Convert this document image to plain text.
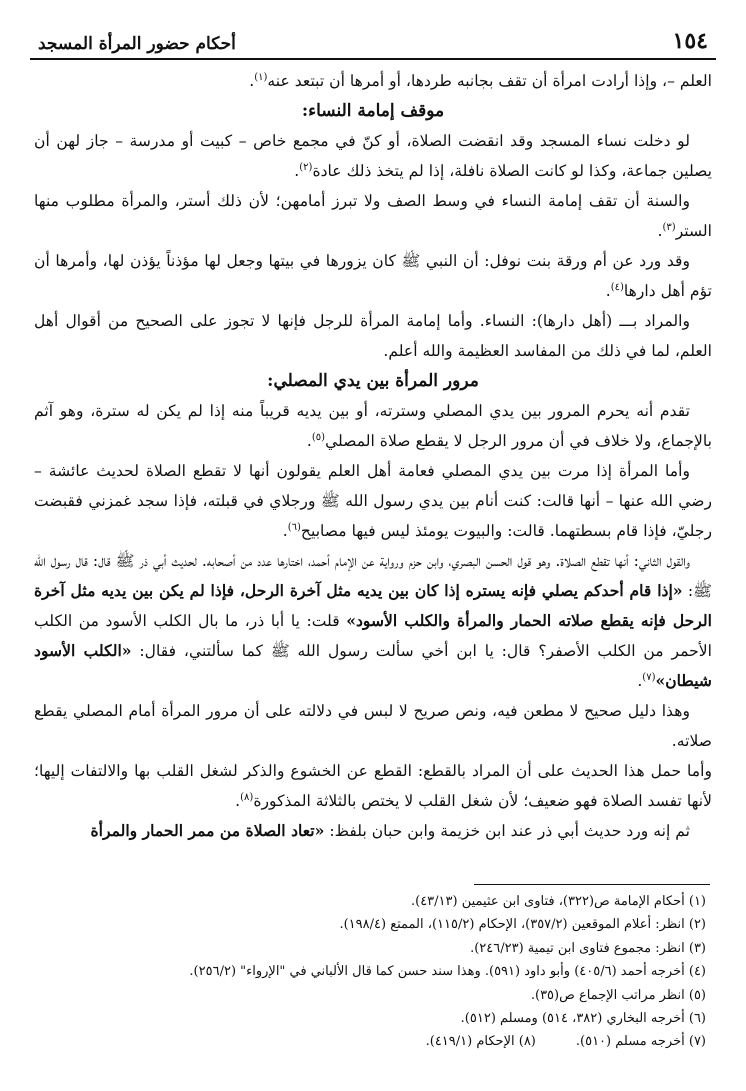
١٥٤
أحكام حضور المرأة المسجد

العلم –، وإذا أرادت امرأة أن تقف بجانبه طردها، أو أمرها أن تبتعد عنه$^{(١)}$.

موقف إمامة النساء:

لو دخلت نساء المسجد وقد انقضت الصلاة، أو كنّ في مجمع خاص – كبيت أو مدرسة – جاز لهن أن يصلين جماعة، وكذا لو كانت الصلاة نافلة، إذا لم يتخذ ذلك عادة$^{(٢)}$.

والسنة أن تقف إمامة النساء في وسط الصف ولا تبرز أمامهن؛ لأن ذلك أستر، والمرأة مطلوب منها الستر$^{(٣)}$.

وقد ورد عن أم ورقة بنت نوفل: أن النبي ﷺ كان يزورها في بيتها وجعل لها مؤذناً يؤذن لها، وأمرها أن تؤم أهل دارها$^{(٤)}$.

والمراد بـــ (أهل دارها): النساء. وأما إمامة المرأة للرجل فإنها لا تجوز على الصحيح من أقوال أهل العلم، لما في ذلك من المفاسد العظيمة والله أعلم.

مرور المرأة بين يدي المصلي:

تقدم أنه يحرم المرور بين يدي المصلي وسترته، أو بين يديه قريباً منه إذا لم يكن له سترة، وهو آثم بالإجماع، ولا خلاف في أن مرور الرجل لا يقطع صلاة المصلي$^{(٥)}$.

وأما المرأة إذا مرت بين يدي المصلي فعامة أهل العلم يقولون أنها لا تقطع الصلاة لحديث عائشة – رضي الله عنها – أنها قالت: كنت أنام بين يدي رسول الله ﷺ ورجلاي في قبلته، فإذا سجد غمزني فقبضت رجليّ، فإذا قام بسطتهما. قالت: والبيوت يومئذ ليس فيها مصابيح$^{(٦)}$.

والقول الثاني: أنها تقطع الصلاة. وهو قول الحسن البصري، وابن حزم ورواية عن الإمام أحمد، اختارها عدد من أصحابه. لحديث أبي ذر ﷺ قال: قال رسول الله ﷺ: «إذا قام أحدكم يصلي فإنه يستره إذا كان بين يديه مثل آخرة الرحل، فإذا لم يكن بين يديه مثل آخرة الرحل فإنه يقطع صلاته الحمار والمرأة والكلب الأسود» قلت: يا أبا ذر، ما بال الكلب الأسود من الكلب الأحمر من الكلب الأصفر؟ قال: يا ابن أخي سألت رسول الله ﷺ كما سألتني، فقال: «الكلب الأسود شيطان»$^{(٧)}$.

وهذا دليل صحيح لا مطعن فيه، ونص صريح لا لبس في دلالته على أن مرور المرأة أمام المصلي يقطع صلاته.

وأما حمل هذا الحديث على أن المراد بالقطع: القطع عن الخشوع والذكر لشغل القلب بها والالتفات إليها؛ لأنها تفسد الصلاة فهو ضعيف؛ لأن شغل القلب لا يختص بالثلاثة المذكورة$^{(٨)}$.

ثم إنه ورد حديث أبي ذر عند ابن خزيمة وابن حبان بلفظ: «تعاد الصلاة من ممر الحمار والمرأة

(١) أحكام الإمامة ص(٣٢٢)، فتاوى ابن عثيمين (٤٣/١٣).
(٢) انظر: أعلام الموقعين (٣٥٧/٢)، الإحكام (١١٥/٢)، الممتع (١٩٨/٤).
(٣) انظر: مجموع فتاوى ابن تيمية (٢٤٦/٢٣).
(٤) أخرجه أحمد (٤٠٥/٦) وأبو داود (٥٩١). وهذا سند حسن كما قال الألباني في "الإرواء" (٢٥٦/٢).
(٥) انظر مراتب الإجماع ص(٣٥).
(٦) أخرجه البخاري (٣٨٢، ٥١٤) ومسلم (٥١٢).
(٧) أخرجه مسلم (٥١٠).
(٨) الإحكام (٤١٩/١).
